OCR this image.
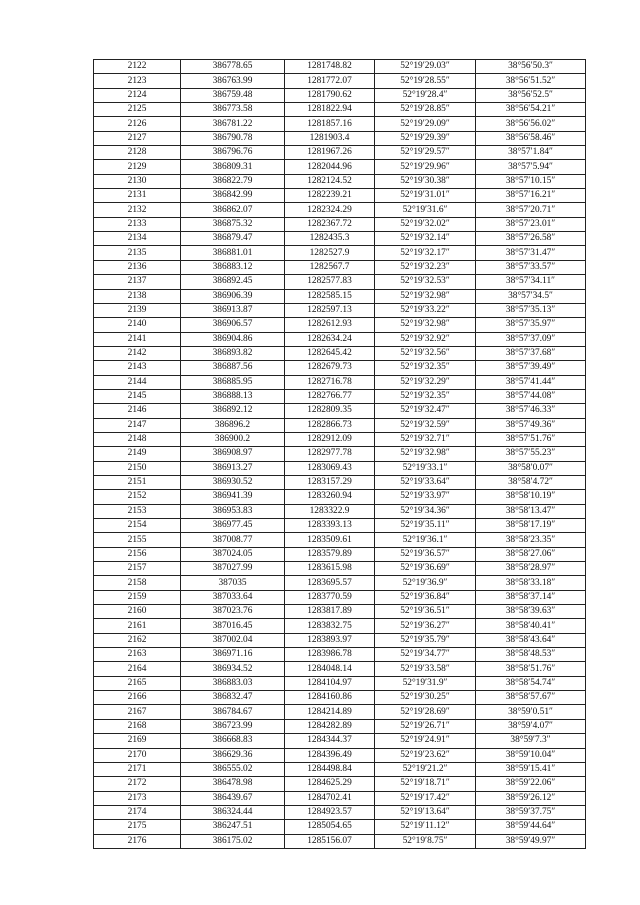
2122	386778.65	1281748.82	52°19′29.03″	38°56′50.3″
2123	386763.99	1281772.07	52°19′28.55″	38°56′51.52″
2124	386759.48	1281790.62	52°19′28.4″	38°56′52.5″
2125	386773.58	1281822.94	52°19′28.85″	38°56′54.21″
2126	386781.22	1281857.16	52°19′29.09″	38°56′56.02″
2127	386790.78	1281903.4	52°19′29.39″	38°56′58.46″
2128	386796.76	1281967.26	52°19′29.57″	38°57′1.84″
2129	386809.31	1282044.96	52°19′29.96″	38°57′5.94″
2130	386822.79	1282124.52	52°19′30.38″	38°57′10.15″
2131	386842.99	1282239.21	52°19′31.01″	38°57′16.21″
2132	386862.07	1282324.29	52°19′31.6″	38°57′20.71″
2133	386875.32	1282367.72	52°19′32.02″	38°57′23.01″
2134	386879.47	1282435.3	52°19′32.14″	38°57′26.58″
2135	386881.01	1282527.9	52°19′32.17″	38°57′31.47″
2136	386883.12	1282567.7	52°19′32.23″	38°57′33.57″
2137	386892.45	1282577.83	52°19′32.53″	38°57′34.11″
2138	386906.39	1282585.15	52°19′32.98″	38°57′34.5″
2139	386913.87	1282597.13	52°19′33.22″	38°57′35.13″
2140	386906.57	1282612.93	52°19′32.98″	38°57′35.97″
2141	386904.86	1282634.24	52°19′32.92″	38°57′37.09″
2142	386893.82	1282645.42	52°19′32.56″	38°57′37.68″
2143	386887.56	1282679.73	52°19′32.35″	38°57′39.49″
2144	386885.95	1282716.78	52°19′32.29″	38°57′41.44″
2145	386888.13	1282766.77	52°19′32.35″	38°57′44.08″
2146	386892.12	1282809.35	52°19′32.47″	38°57′46.33″
2147	386896.2	1282866.73	52°19′32.59″	38°57′49.36″
2148	386900.2	1282912.09	52°19′32.71″	38°57′51.76″
2149	386908.97	1282977.78	52°19′32.98″	38°57′55.23″
2150	386913.27	1283069.43	52°19′33.1″	38°58′0.07″
2151	386930.52	1283157.29	52°19′33.64″	38°58′4.72″
2152	386941.39	1283260.94	52°19′33.97″	38°58′10.19″
2153	386953.83	1283322.9	52°19′34.36″	38°58′13.47″
2154	386977.45	1283393.13	52°19′35.11″	38°58′17.19″
2155	387008.77	1283509.61	52°19′36.1″	38°58′23.35″
2156	387024.05	1283579.89	52°19′36.57″	38°58′27.06″
2157	387027.99	1283615.98	52°19′36.69″	38°58′28.97″
2158	387035	1283695.57	52°19′36.9″	38°58′33.18″
2159	387033.64	1283770.59	52°19′36.84″	38°58′37.14″
2160	387023.76	1283817.89	52°19′36.51″	38°58′39.63″
2161	387016.45	1283832.75	52°19′36.27″	38°58′40.41″
2162	387002.04	1283893.97	52°19′35.79″	38°58′43.64″
2163	386971.16	1283986.78	52°19′34.77″	38°58′48.53″
2164	386934.52	1284048.14	52°19′33.58″	38°58′51.76″
2165	386883.03	1284104.97	52°19′31.9″	38°58′54.74″
2166	386832.47	1284160.86	52°19′30.25″	38°58′57.67″
2167	386784.67	1284214.89	52°19′28.69″	38°59′0.51″
2168	386723.99	1284282.89	52°19′26.71″	38°59′4.07″
2169	386668.83	1284344.37	52°19′24.91″	38°59′7.3″
2170	386629.36	1284396.49	52°19′23.62″	38°59′10.04″
2171	386555.02	1284498.84	52°19′21.2″	38°59′15.41″
2172	386478.98	1284625.29	52°19′18.71″	38°59′22.06″
2173	386439.67	1284702.41	52°19′17.42″	38°59′26.12″
2174	386324.44	1284923.57	52°19′13.64″	38°59′37.75″
2175	386247.51	1285054.65	52°19′11.12″	38°59′44.64″
2176	386175.02	1285156.07	52°19′8.75″	38°59′49.97″
